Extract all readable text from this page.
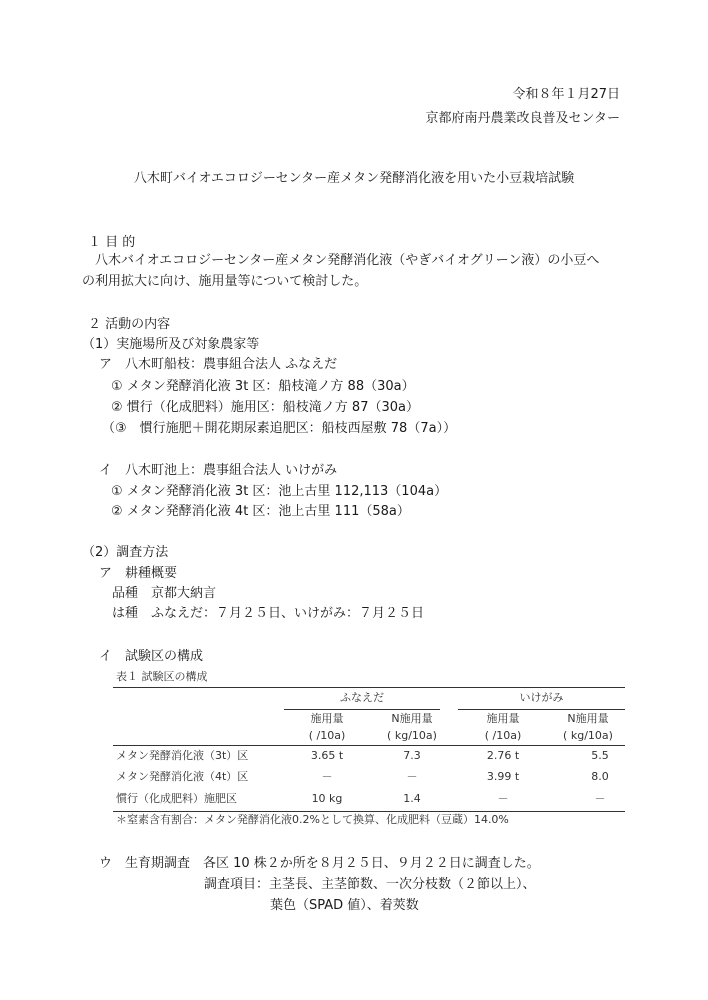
令和８年１月27日
京都府南丹農業改良普及センター
八木町バイオエコロジーセンター産メタン発酵消化液を用いた小豆栽培試験
１ 目 的
八木バイオエコロジーセンター産メタン発酵消化液（やぎバイオグリーン液）の小豆へ
の利用拡大に向け、施用量等について検討した。
２ 活動の内容
（1）実施場所及び対象農家等
ア　八木町船枝：農事組合法人 ふなえだ
① メタン発酵消化液 3t 区：船枝滝ノ方 88（30a）
② 慣行（化成肥料）施用区：船枝滝ノ方 87（30a）
（③　慣行施肥＋開花期尿素追肥区：船枝西屋敷 78（7a））
イ　八木町池上：農事組合法人 いけがみ
① メタン発酵消化液 3t 区：池上古里 112,113（104a）
② メタン発酵消化液 4t 区：池上古里 111（58a）
（2）調査方法
ア　耕種概要
品種　京都大納言
は種　ふなえだ：７月２５日、いけがみ：７月２５日
イ　試験区の構成
表１ 試験区の構成
ふなえだ	いけがみ
施用量	N施用量	施用量	N施用量
( /10a)	( kg/10a)	( /10a)	( kg/10a)
メタン発酵消化液（3t）区	3.65 t	7.3	2.76 t	5.5
メタン発酵消化液（4t）区	－	－	3.99 t	8.0
慣行（化成肥料）施肥区	10 kg	1.4	－	－
＊窒素含有割合：メタン発酵消化液0.2%として換算、化成肥料（豆蔵）14.0%
ウ　生育期調査　各区 10 株２か所を８月２５日、９月２２日に調査した。
調査項目：主茎長、主茎節数、一次分枝数（２節以上）、
葉色（SPAD 値）、着莢数
